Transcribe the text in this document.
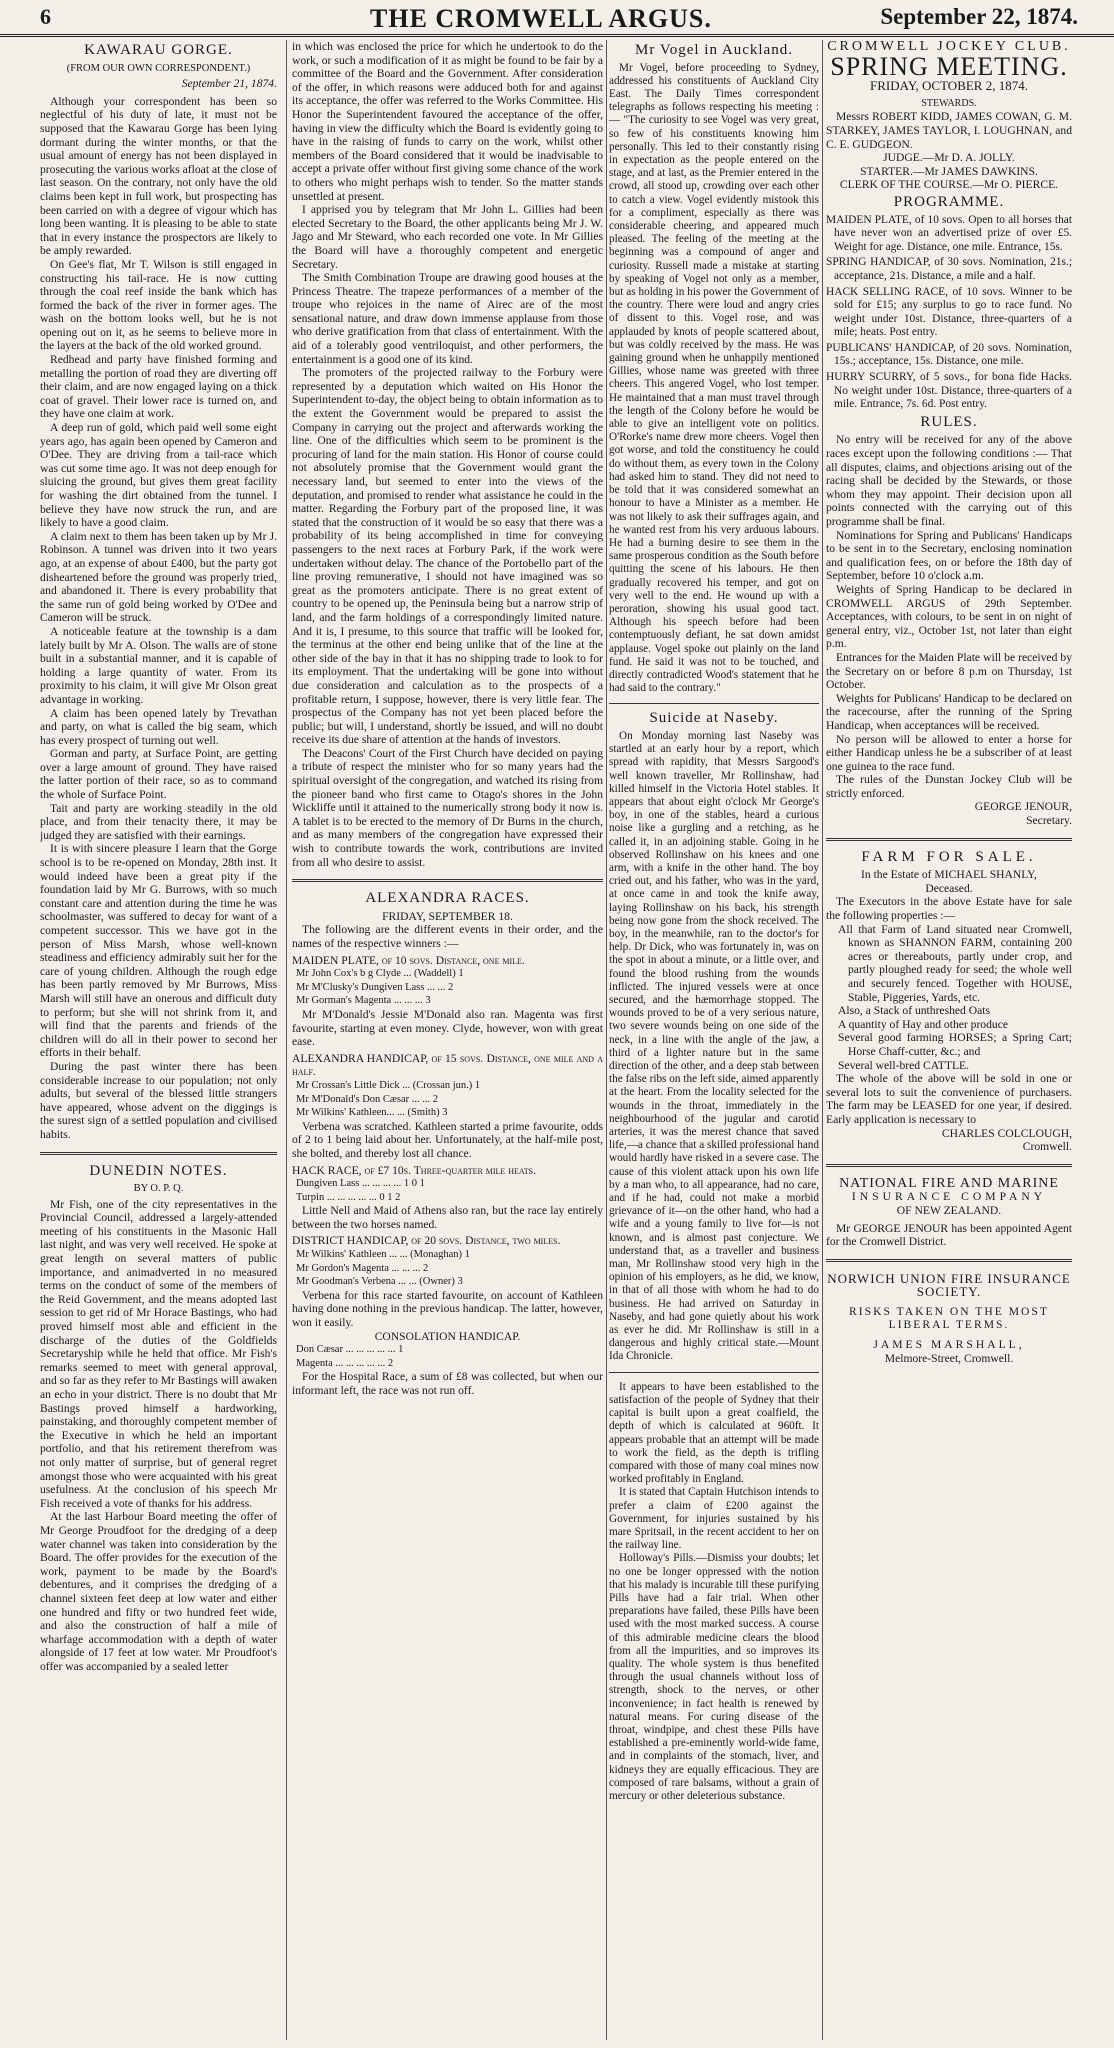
6	THE CROMWELL ARGUS.	September 22, 1874.
KAWARAU GORGE.

(FROM OUR OWN CORRESPONDENT.)

September 21, 1874.

Although your correspondent has been so neglectful of his duty of late, it must not be supposed that the Kawarau Gorge has been lying dormant during the winter months, or that the usual amount of energy has not been displayed in prosecuting the various works afloat at the close of last season. On the contrary, not only have the old claims been kept in full work, but prospecting has been carried on with a degree of vigour which has long been wanting. It is pleasing to be able to state that in every instance the prospectors are likely to be amply rewarded.

On Gee's flat, Mr T. Wilson is still engaged in constructing his tail-race. He is now cutting through the coal reef inside the bank which has formed the back of the river in former ages. The wash on the bottom looks well, but he is not opening out on it, as he seems to believe more in the layers at the back of the old worked ground.

Redhead and party have finished forming and metalling the portion of road they are diverting off their claim, and are now engaged laying on a thick coat of gravel. Their lower race is turned on, and they have one claim at work.

A deep run of gold, which paid well some eight years ago, has again been opened by Cameron and O'Dee. They are driving from a tail-race which was cut some time ago. It was not deep enough for sluicing the ground, but gives them great facility for washing the dirt obtained from the tunnel. I believe they have now struck the run, and are likely to have a good claim.

A claim next to them has been taken up by Mr J. Robinson. A tunnel was driven into it two years ago, at an expense of about £400, but the party got disheartened before the ground was properly tried, and abandoned it. There is every probability that the same run of gold being worked by O'Dee and Cameron will be struck.

A noticeable feature at the township is a dam lately built by Mr A. Olson. The walls are of stone built in a substantial manner, and it is capable of holding a large quantity of water. From its proximity to his claim, it will give Mr Olson great advantage in working.

A claim has been opened lately by Trevathan and party, on what is called the big seam, which has every prospect of turning out well.

Gorman and party, at Surface Point, are getting over a large amount of ground. They have raised the latter portion of their race, so as to command the whole of Surface Point.

Tait and party are working steadily in the old place, and from their tenacity there, it may be judged they are satisfied with their earnings.

It is with sincere pleasure I learn that the Gorge school is to be re-opened on Monday, 28th inst. It would indeed have been a great pity if the foundation laid by Mr G. Burrows, with so much constant care and attention during the time he was schoolmaster, was suffered to decay for want of a competent successor. This we have got in the person of Miss Marsh, whose well-known steadiness and efficiency admirably suit her for the care of young children. Although the rough edge has been partly removed by Mr Burrows, Miss Marsh will still have an onerous and difficult duty to perform; but she will not shrink from it, and will find that the parents and friends of the children will do all in their power to second her efforts in their behalf.

During the past winter there has been considerable increase to our population; not only adults, but several of the blessed little strangers have appeared, whose advent on the diggings is the surest sign of a settled population and civilised habits.

DUNEDIN NOTES.

BY O. P. Q.

Mr Fish, one of the city representatives in the Provincial Council, addressed a largely-attended meeting of his constituents in the Masonic Hall last night, and was very well received. He spoke at great length on several matters of public importance, and animadverted in no measured terms on the conduct of some of the members of the Reid Government, and the means adopted last session to get rid of Mr Horace Bastings, who had proved himself most able and efficient in the discharge of the duties of the Goldfields Secretaryship while he held that office. Mr Fish's remarks seemed to meet with general approval, and so far as they refer to Mr Bastings will awaken an echo in your district. There is no doubt that Mr Bastings proved himself a hardworking, painstaking, and thoroughly competent member of the Executive in which he held an important portfolio, and that his retirement therefrom was not only matter of surprise, but of general regret amongst those who were acquainted with his great usefulness. At the conclusion of his speech Mr Fish received a vote of thanks for his address.

At the last Harbour Board meeting the offer of Mr George Proudfoot for the dredging of a deep water channel was taken into consideration by the Board. The offer provides for the execution of the work, payment to be made by the Board's debentures, and it comprises the dredging of a channel sixteen feet deep at low water and either one hundred and fifty or two hundred feet wide, and also the construction of half a mile of wharfage accommodation with a depth of water alongside of 17 feet at low water. Mr Proudfoot's offer was accompanied by a sealed letter

in which was enclosed the price for which he undertook to do the work, or such a modification of it as might be found to be fair by a committee of the Board and the Government. After consideration of the offer, in which reasons were adduced both for and against its acceptance, the offer was referred to the Works Committee. His Honor the Superintendent favoured the acceptance of the offer, having in view the difficulty which the Board is evidently going to have in the raising of funds to carry on the work, whilst other members of the Board considered that it would be inadvisable to accept a private offer without first giving some chance of the work to others who might perhaps wish to tender. So the matter stands unsettled at present.

I apprised you by telegram that Mr John L. Gillies had been elected Secretary to the Board, the other applicants being Mr J. W. Jago and Mr Steward, who each recorded one vote. In Mr Gillies the Board will have a thoroughly competent and energetic Secretary.

The Smith Combination Troupe are drawing good houses at the Princess Theatre. The trapeze performances of a member of the troupe who rejoices in the name of Airec are of the most sensational nature, and draw down immense applause from those who derive gratification from that class of entertainment. With the aid of a tolerably good ventriloquist, and other performers, the entertainment is a good one of its kind.

The promoters of the projected railway to the Forbury were represented by a deputation which waited on His Honor the Superintendent to-day, the object being to obtain information as to the extent the Government would be prepared to assist the Company in carrying out the project and afterwards working the line. One of the difficulties which seem to be prominent is the procuring of land for the main station. His Honor of course could not absolutely promise that the Government would grant the necessary land, but seemed to enter into the views of the deputation, and promised to render what assistance he could in the matter. Regarding the Forbury part of the proposed line, it was stated that the construction of it would be so easy that there was a probability of its being accomplished in time for conveying passengers to the next races at Forbury Park, if the work were undertaken without delay. The chance of the Portobello part of the line proving remunerative, I should not have imagined was so great as the promoters anticipate. There is no great extent of country to be opened up, the Peninsula being but a narrow strip of land, and the farm holdings of a correspondingly limited nature. And it is, I presume, to this source that traffic will be looked for, the terminus at the other end being unlike that of the line at the other side of the bay in that it has no shipping trade to look to for its employment. That the undertaking will be gone into without due consideration and calculation as to the prospects of a profitable return, I suppose, however, there is very little fear. The prospectus of the Company has not yet been placed before the public; but will, I understand, shortly be issued, and will no doubt receive its due share of attention at the hands of investors.

The Deacons' Court of the First Church have decided on paying a tribute of respect the minister who for so many years had the spiritual oversight of the congregation, and watched its rising from the pioneer band who first came to Otago's shores in the John Wickliffe until it attained to the numerically strong body it now is. A tablet is to be erected to the memory of Dr Burns in the church, and as many members of the congregation have expressed their wish to contribute towards the work, contributions are invited from all who desire to assist.

ALEXANDRA RACES.

FRIDAY, SEPTEMBER 18.

The following are the different events in their order, and the names of the respective winners :—

MAIDEN PLATE, of 10 sovs. Distance, one mile.

Mr John Cox's b g Clyde ... (Waddell) 1

Mr M'Clusky's Dungiven Lass ... ... 2

Mr Gorman's Magenta ... ... ... 3

Mr M'Donald's Jessie M'Donald also ran. Magenta was first favourite, starting at even money. Clyde, however, won with great ease.

ALEXANDRA HANDICAP, of 15 sovs. Distance, one mile and a half.

Mr Crossan's Little Dick ... (Crossan jun.) 1

Mr M'Donald's Don Cæsar ... ... 2

Mr Wilkins' Kathleen... ... (Smith) 3

Verbena was scratched. Kathleen started a prime favourite, odds of 2 to 1 being laid about her. Unfortunately, at the half-mile post, she bolted, and thereby lost all chance.

HACK RACE, of £7 10s. Three-quarter mile heats.

Dungiven Lass ... ... ... ... 1 0 1

Turpin ... ... ... ... ... 0 1 2

Little Nell and Maid of Athens also ran, but the race lay entirely between the two horses named.

DISTRICT HANDICAP, of 20 sovs. Distance, two miles.

Mr Wilkins' Kathleen ... ... (Monaghan) 1

Mr Gordon's Magenta ... ... ... 2

Mr Goodman's Verbena ... ... (Owner) 3

Verbena for this race started favourite, on account of Kathleen having done nothing in the previous handicap. The latter, however, won it easily.

CONSOLATION HANDICAP.

Don Cæsar ... ... ... ... ... 1

Magenta ... ... ... ... ... 2

For the Hospital Race, a sum of £8 was collected, but when our informant left, the race was not run off.

Mr Vogel in Auckland.

Mr Vogel, before proceeding to Sydney, addressed his constituents of Auckland City East. The Daily Times correspondent telegraphs as follows respecting his meeting :— "The curiosity to see Vogel was very great, so few of his constituents knowing him personally. This led to their constantly rising in expectation as the people entered on the stage, and at last, as the Premier entered in the crowd, all stood up, crowding over each other to catch a view. Vogel evidently mistook this for a compliment, especially as there was considerable cheering, and appeared much pleased. The feeling of the meeting at the beginning was a compound of anger and curiosity. Russell made a mistake at starting by speaking of Vogel not only as a member, but as holding in his power the Government of the country. There were loud and angry cries of dissent to this. Vogel rose, and was applauded by knots of people scattered about, but was coldly received by the mass. He was gaining ground when he unhappily mentioned Gillies, whose name was greeted with three cheers. This angered Vogel, who lost temper. He maintained that a man must travel through the length of the Colony before he would be able to give an intelligent vote on politics. O'Rorke's name drew more cheers. Vogel then got worse, and told the constituency he could do without them, as every town in the Colony had asked him to stand. They did not need to be told that it was considered somewhat an honour to have a Minister as a member. He was not likely to ask their suffrages again, and he wanted rest from his very arduous labours. He had a burning desire to see them in the same prosperous condition as the South before quitting the scene of his labours. He then gradually recovered his temper, and got on very well to the end. He wound up with a peroration, showing his usual good tact. Although his speech before had been contemptuously defiant, he sat down amidst applause. Vogel spoke out plainly on the land fund. He said it was not to be touched, and directly contradicted Wood's statement that he had said to the contrary."

Suicide at Naseby.

On Monday morning last Naseby was startled at an early hour by a report, which spread with rapidity, that Messrs Sargood's well known traveller, Mr Rollinshaw, had killed himself in the Victoria Hotel stables. It appears that about eight o'clock Mr George's boy, in one of the stables, heard a curious noise like a gurgling and a retching, as he called it, in an adjoining stable. Going in he observed Rollinshaw on his knees and one arm, with a knife in the other hand. The boy cried out, and his father, who was in the yard, at once came in and took the knife away, laying Rollinshaw on his back, his strength being now gone from the shock received. The boy, in the meanwhile, ran to the doctor's for help. Dr Dick, who was fortunately in, was on the spot in about a minute, or a little over, and found the blood rushing from the wounds inflicted. The injured vessels were at once secured, and the hæmorrhage stopped. The wounds proved to be of a very serious nature, two severe wounds being on one side of the neck, in a line with the angle of the jaw, a third of a lighter nature but in the same direction of the other, and a deep stab between the false ribs on the left side, aimed apparently at the heart. From the locality selected for the wounds in the throat, immediately in the neighbourhood of the jugular and carotid arteries, it was the merest chance that saved life,—a chance that a skilled professional hand would hardly have risked in a severe case. The cause of this violent attack upon his own life by a man who, to all appearance, had no care, and if he had, could not make a morbid grievance of it—on the other hand, who had a wife and a young family to live for—is not known, and is almost past conjecture. We understand that, as a traveller and business man, Mr Rollinshaw stood very high in the opinion of his employers, as he did, we know, in that of all those with whom he had to do business. He had arrived on Saturday in Naseby, and had gone quietly about his work as ever he did. Mr Rollinshaw is still in a dangerous and highly critical state.—Mount Ida Chronicle.

It appears to have been established to the satisfaction of the people of Sydney that their capital is built upon a great coalfield, the depth of which is calculated at 960ft. It appears probable that an attempt will be made to work the field, as the depth is trifling compared with those of many coal mines now worked profitably in England.

It is stated that Captain Hutchison intends to prefer a claim of £200 against the Government, for injuries sustained by his mare Spritsail, in the recent accident to her on the railway line.

Holloway's Pills.—Dismiss your doubts; let no one be longer oppressed with the notion that his malady is incurable till these purifying Pills have had a fair trial. When other preparations have failed, these Pills have been used with the most marked success. A course of this admirable medicine clears the blood from all the impurities, and so improves its quality. The whole system is thus benefited through the usual channels without loss of strength, shock to the nerves, or other inconvenience; in fact health is renewed by natural means. For curing disease of the throat, windpipe, and chest these Pills have established a pre-eminently world-wide fame, and in complaints of the stomach, liver, and kidneys they are equally efficacious. They are composed of rare balsams, without a grain of mercury or other deleterious substance.

CROMWELL JOCKEY CLUB.

SPRING MEETING.

FRIDAY, OCTOBER 2, 1874.

STEWARDS.

Messrs ROBERT KIDD, JAMES COWAN, G. M. STARKEY, JAMES TAYLOR, I. LOUGHNAN, and C. E. GUDGEON.

JUDGE.—Mr D. A. JOLLY.

STARTER.—Mr JAMES DAWKINS.

CLERK OF THE COURSE.—Mr O. PIERCE.

PROGRAMME.

MAIDEN PLATE, of 10 sovs. Open to all horses that have never won an advertised prize of over £5. Weight for age. Distance, one mile. Entrance, 15s.

SPRING HANDICAP, of 30 sovs. Nomination, 21s.; acceptance, 21s. Distance, a mile and a half.

HACK SELLING RACE, of 10 sovs. Winner to be sold for £15; any surplus to go to race fund. No weight under 10st. Distance, three-quarters of a mile; heats. Post entry.

PUBLICANS' HANDICAP, of 20 sovs. Nomination, 15s.; acceptance, 15s. Distance, one mile.

HURRY SCURRY, of 5 sovs., for bona fide Hacks. No weight under 10st. Distance, three-quarters of a mile. Entrance, 7s. 6d. Post entry.

RULES.

No entry will be received for any of the above races except upon the following conditions :— That all disputes, claims, and objections arising out of the racing shall be decided by the Stewards, or those whom they may appoint. Their decision upon all points connected with the carrying out of this programme shall be final.

Nominations for Spring and Publicans' Handicaps to be sent in to the Secretary, enclosing nomination and qualification fees, on or before the 18th day of September, before 10 o'clock a.m.

Weights of Spring Handicap to be declared in CROMWELL ARGUS of 29th September. Acceptances, with colours, to be sent in on night of general entry, viz., October 1st, not later than eight p.m.

Entrances for the Maiden Plate will be received by the Secretary on or before 8 p.m on Thursday, 1st October.

Weights for Publicans' Handicap to be declared on the racecourse, after the running of the Spring Handicap, when acceptances will be received.

No person will be allowed to enter a horse for either Handicap unless he be a subscriber of at least one guinea to the race fund.

The rules of the Dunstan Jockey Club will be strictly enforced.

GEORGE JENOUR,

Secretary.

FARM FOR SALE.

In the Estate of MICHAEL SHANLY,

Deceased.

The Executors in the above Estate have for sale the following properties :—

All that Farm of Land situated near Cromwell, known as SHANNON FARM, containing 200 acres or thereabouts, partly under crop, and partly ploughed ready for seed; the whole well and securely fenced. Together with HOUSE, Stable, Piggeries, Yards, etc.

Also, a Stack of unthreshed Oats

A quantity of Hay and other produce

Several good farming HORSES; a Spring Cart; Horse Chaff-cutter, &c.; and

Several well-bred CATTLE.

The whole of the above will be sold in one or several lots to suit the convenience of purchasers. The farm may be LEASED for one year, if desired. Early application is necessary to

CHARLES COLCLOUGH,

Cromwell.

NATIONAL FIRE AND MARINE

INSURANCE COMPANY

OF NEW ZEALAND.

Mr GEORGE JENOUR has been appointed Agent for the Cromwell District.

NORWICH UNION FIRE INSURANCE SOCIETY.

RISKS TAKEN ON THE MOST LIBERAL TERMS.

JAMES MARSHALL,

Melmore-Street, Cromwell.
